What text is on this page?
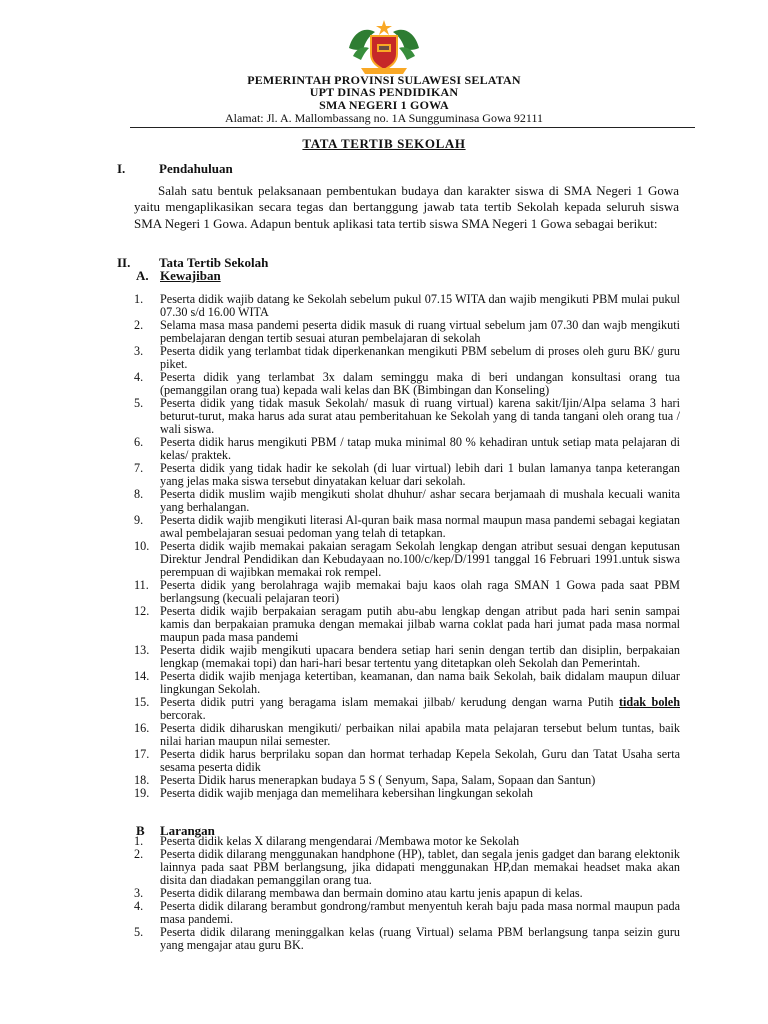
PEMERINTAH PROVINSI SULAWESI SELATAN
UPT DINAS PENDIDIKAN
SMA NEGERI 1 GOWA
Alamat: Jl. A. Mallombassang no. 1A Sungguminasa Gowa 92111
TATA TERTIB SEKOLAH
I.	Pendahuluan

Salah satu bentuk pelaksanaan pembentukan budaya dan karakter siswa di SMA Negeri 1 Gowa yaitu mengaplikasikan secara tegas dan bertanggung jawab tata tertib Sekolah kepada seluruh siswa SMA Negeri 1 Gowa. Adapun bentuk aplikasi tata tertib siswa SMA Negeri 1 Gowa sebagai berikut:

II. Tata Tertib Sekolah
A. Kewajiban
1. Peserta didik wajib datang ke Sekolah sebelum pukul 07.15 WITA dan wajib mengikuti PBM mulai pukul 07.30 s/d 16.00 WITA
2. Selama masa masa pandemi peserta didik masuk di ruang virtual sebelum jam 07.30 dan wajb mengikuti pembelajaran dengan tertib sesuai aturan pembelajaran di sekolah
3. Peserta didik yang terlambat tidak diperkenankan mengikuti PBM sebelum di proses oleh guru BK/ guru piket.
4. Peserta didik yang terlambat 3x dalam seminggu maka di beri undangan konsultasi orang tua (pemanggilan orang tua) kepada wali kelas dan BK (Bimbingan dan Konseling)
5. Peserta didik yang tidak masuk Sekolah/ masuk di ruang virtual) karena sakit/Ijin/Alpa selama 3 hari beturut-turut, maka harus ada surat atau pemberitahuan ke Sekolah yang di tanda tangani oleh orang tua / wali siswa.
6. Peserta didik harus mengikuti PBM / tatap muka minimal 80 % kehadiran untuk setiap mata pelajaran di kelas/ praktek.
7. Peserta didik yang tidak hadir ke sekolah (di luar virtual) lebih dari 1 bulan lamanya tanpa keterangan yang jelas maka siswa tersebut dinyatakan keluar dari sekolah.
8. Peserta didik muslim wajib mengikuti sholat dhuhur/ ashar secara berjamaah di mushala kecuali wanita yang berhalangan.
9. Peserta didik wajib mengikuti literasi Al-quran baik masa normal maupun masa pandemi sebagai kegiatan awal pembelajaran sesuai pedoman yang telah di tetapkan.
10. Peserta didik wajib memakai pakaian seragam Sekolah lengkap dengan atribut sesuai dengan keputusan Direktur Jendral Pendidikan dan Kebudayaan no.100/c/kep/D/1991 tanggal 16 Februari 1991.untuk siswa perempuan di wajibkan memakai rok rempel.
11. Peserta didik yang berolahraga wajib memakai baju kaos olah raga SMAN 1 Gowa pada saat PBM berlangsung (kecuali pelajaran teori)
12. Peserta didik wajib berpakaian seragam putih abu-abu lengkap dengan atribut pada hari senin sampai kamis dan berpakaian pramuka dengan memakai jilbab warna coklat pada hari jumat pada masa normal maupun pada masa pandemi
13. Peserta didik wajib mengikuti upacara bendera setiap hari senin dengan tertib dan disiplin, berpakaian lengkap (memakai topi) dan hari-hari besar tertentu yang ditetapkan oleh Sekolah dan Pemerintah.
14. Peserta didik wajib menjaga ketertiban, keamanan, dan nama baik Sekolah, baik didalam maupun diluar lingkungan Sekolah.
15. Peserta didik putri yang beragama islam memakai jilbab/ kerudung dengan warna Putih tidak boleh bercorak.
16. Peserta didik diharuskan mengikuti/ perbaikan nilai apabila mata pelajaran tersebut belum tuntas, baik nilai harian maupun nilai semester.
17. Peserta didik harus berprilaku sopan dan hormat terhadap Kepela Sekolah, Guru dan Tatat Usaha serta sesama peserta didik
18. Peserta Didik harus menerapkan budaya 5 S ( Senyum, Sapa, Salam, Sopaan dan Santun)
19. Peserta didik wajib menjaga dan memelihara kebersihan lingkungan sekolah
B Larangan
1. Peserta didik kelas X dilarang mengendarai /Membawa motor ke Sekolah
2. Peserta didik dilarang menggunakan handphone (HP), tablet, dan segala jenis gadget dan barang elektonik lainnya pada saat PBM berlangsung, jika didapati menggunakan HP,dan memakai headset maka akan disita dan diadakan pemanggilan orang tua.
3. Peserta didik dilarang membawa dan bermain domino atau kartu jenis apapun di kelas.
4. Peserta didik dilarang berambut gondrong/rambut menyentuh kerah baju pada masa normal maupun pada masa pandemi.
5. Peserta didik dilarang meninggalkan kelas (ruang Virtual) selama PBM berlangsung tanpa seizin guru yang mengajar atau guru BK.
